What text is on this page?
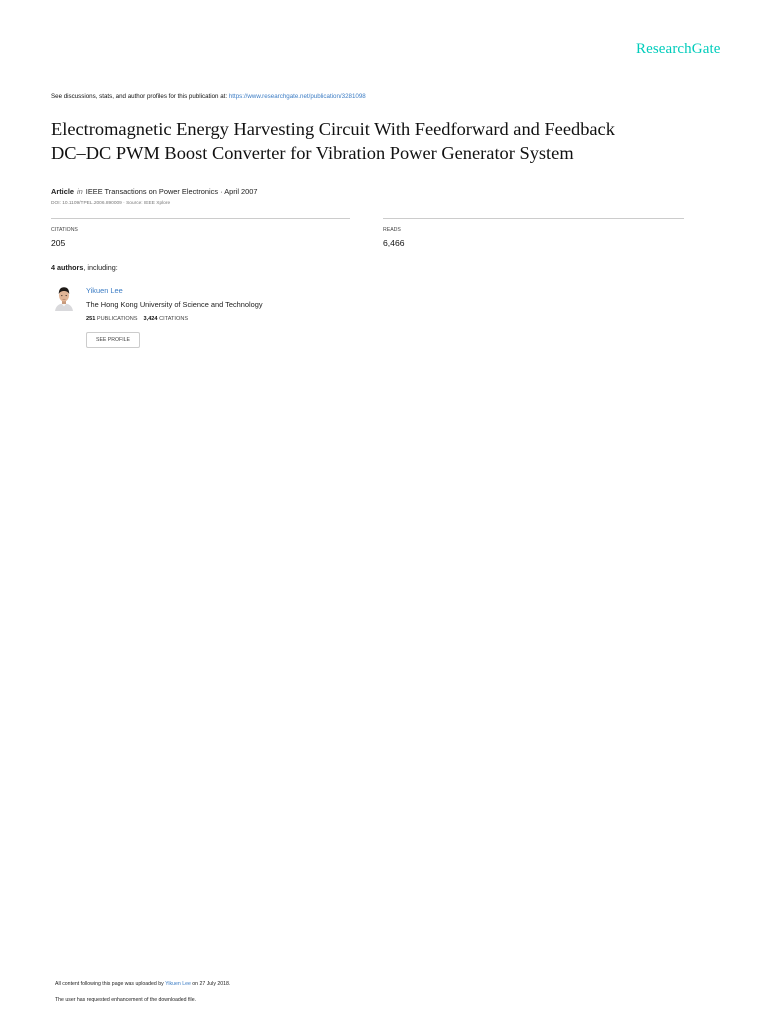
ResearchGate
See discussions, stats, and author profiles for this publication at: https://www.researchgate.net/publication/3281098
Electromagnetic Energy Harvesting Circuit With Feedforward and Feedback
DC–DC PWM Boost Converter for Vibration Power Generator System
Article in IEEE Transactions on Power Electronics · April 2007
DOI: 10.1109/TPEL.2006.890009 · Source: IEEE Xplore
CITATIONS
205
READS
6,466
4 authors, including:
Yikuen Lee
The Hong Kong University of Science and Technology
251 PUBLICATIONS 3,424 CITATIONS
SEE PROFILE
All content following this page was uploaded by Yikuen Lee on 27 July 2018.
The user has requested enhancement of the downloaded file.
